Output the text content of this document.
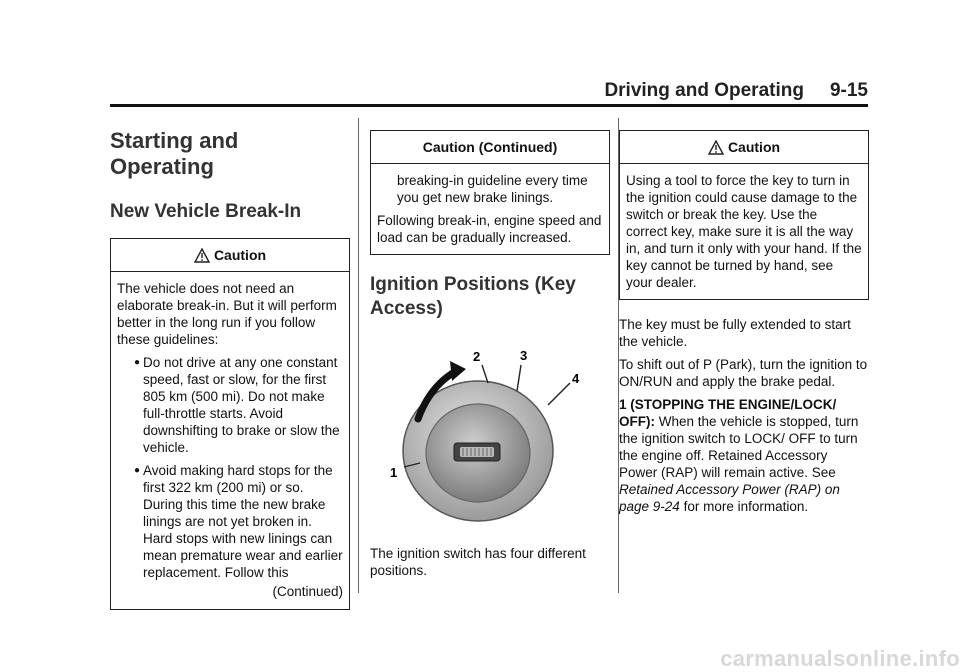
Driving and Operating 9-15
Starting and
Operating
New Vehicle Break-In
Caution

The vehicle does not need an elaborate break-in. But it will perform better in the long run if you follow these guidelines:

● Do not drive at any one constant speed, fast or slow, for the first 805 km (500 mi). Do not make full-throttle starts. Avoid downshifting to brake or slow the vehicle.

● Avoid making hard stops for the first 322 km (200 mi) or so. During this time the new brake linings are not yet broken in. Hard stops with new linings can mean premature wear and earlier replacement. Follow this

(Continued)

Caution (Continued)

breaking-in guideline every time you get new brake linings.

Following break-in, engine speed and load can be gradually increased.

Ignition Positions (Key
Access)
1
2	3
4

The ignition switch has four different positions.

Caution

Using a tool to force the key to turn in the ignition could cause damage to the switch or break the key. Use the correct key, make sure it is all the way in, and turn it only with your hand. If the key cannot be turned by hand, see your dealer.

The key must be fully extended to start the vehicle.

To shift out of P (Park), turn the ignition to ON/RUN and apply the brake pedal.

1 (STOPPING THE ENGINE/LOCK/ OFF): When the vehicle is stopped, turn the ignition switch to LOCK/ OFF to turn the engine off. Retained Accessory Power (RAP) will remain active. See Retained Accessory Power (RAP) on page 9-24 for more information.

carmanualsonline.info
